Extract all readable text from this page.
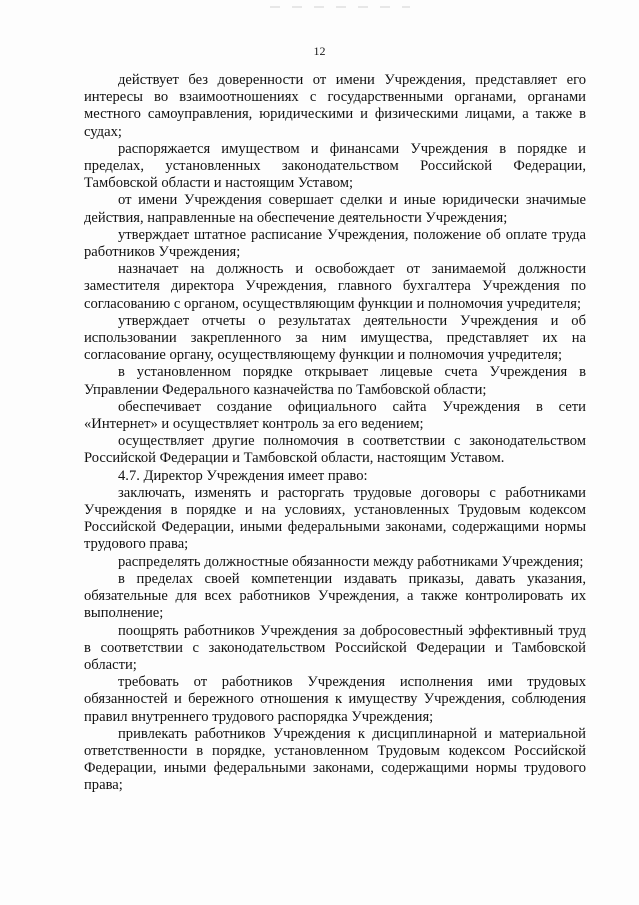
12

действует без доверенности от имени Учреждения, представляет его интересы во взаимоотношениях с государственными органами, органами местного самоуправления, юридическими и физическими лицами, а также в судах;

распоряжается имуществом и финансами Учреждения в порядке и пределах, установленных законодательством Российской Федерации, Тамбовской области и настоящим Уставом;

от имени Учреждения совершает сделки и иные юридически значимые действия, направленные на обеспечение деятельности Учреждения;

утверждает штатное расписание Учреждения, положение об оплате труда работников Учреждения;

назначает на должность и освобождает от занимаемой должности заместителя директора Учреждения, главного бухгалтера Учреждения по согласованию с органом, осуществляющим функции и полномочия учредителя;

утверждает отчеты о результатах деятельности Учреждения и об использовании закрепленного за ним имущества, представляет их на согласование органу, осуществляющему функции и полномочия учредителя;

в установленном порядке открывает лицевые счета Учреждения в Управлении Федерального казначейства по Тамбовской области;

обеспечивает создание официального сайта Учреждения в сети «Интернет» и осуществляет контроль за его ведением;

осуществляет другие полномочия в соответствии с законодательством Российской Федерации и Тамбовской области, настоящим Уставом.

4.7. Директор Учреждения имеет право:

заключать, изменять и расторгать трудовые договоры с работниками Учреждения в порядке и на условиях, установленных Трудовым кодексом Российской Федерации, иными федеральными законами, содержащими нормы трудового права;

распределять должностные обязанности между работниками Учреждения;

в пределах своей компетенции издавать приказы, давать указания, обязательные для всех работников Учреждения, а также контролировать их выполнение;

поощрять работников Учреждения за добросовестный эффективный труд в соответствии с законодательством Российской Федерации и Тамбовской области;

требовать от работников Учреждения исполнения ими трудовых обязанностей и бережного отношения к имуществу Учреждения, соблюдения правил внутреннего трудового распорядка Учреждения;

привлекать работников Учреждения к дисциплинарной и материальной ответственности в порядке, установленном Трудовым кодексом Российской Федерации, иными федеральными законами, содержащими нормы трудового права;
